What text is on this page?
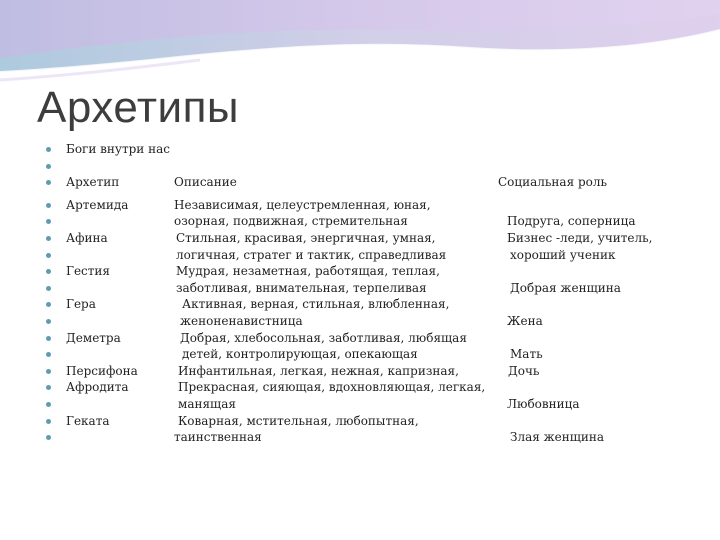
Архетипы
Боги внутри нас
Архетип	Описание	Социальная роль
Артемида	Независимая, целеустремленная, юная,
озорная, подвижная, стремительная	Подруга, соперница
Афина	Стильная, красивая, энергичная, умная,	Бизнес -леди, учитель,
логичная, стратег и тактик, справедливая	хороший ученик
Гестия	Мудрая, незаметная, работящая, теплая,
заботливая, внимательная, терпеливая	Добрая женщина
Гера	Активная, верная, стильная, влюбленная,
женоненавистница	Жена
Деметра	Добрая, хлебосольная, заботливая, любящая
детей, контролирующая, опекающая	Мать
Персифона	Инфантильная, легкая, нежная, капризная,	Дочь
Афродита	Прекрасная, сияющая, вдохновляющая, легкая,
манящая	Любовница
Геката	Коварная, мстительная, любопытная,
таинственная	Злая женщина
